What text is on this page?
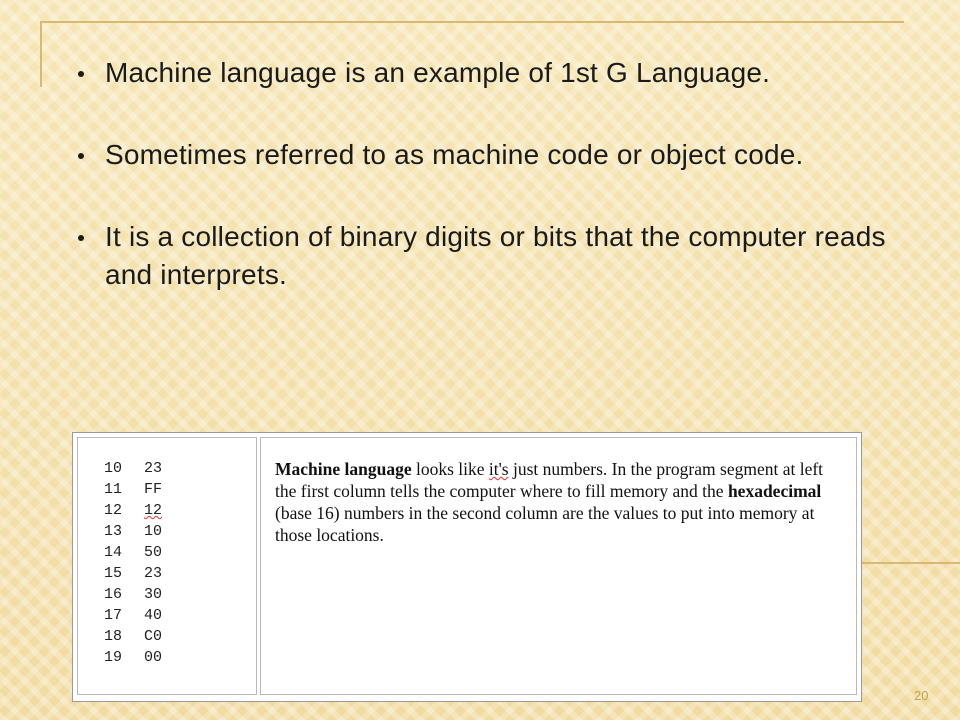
Machine language is an example of 1st G Language.
Sometimes referred to as machine code or object code.
It is a collection of binary digits or bits that the computer reads and interprets.
10 23
11 FF
12 12
13 10
14 50
15 23
16 30
17 40
18 C0
19 00
Machine language looks like it's just numbers. In the program segment at left the first column tells the computer where to fill memory and the hexadecimal (base 16) numbers in the second column are the values to put into memory at those locations.
20
